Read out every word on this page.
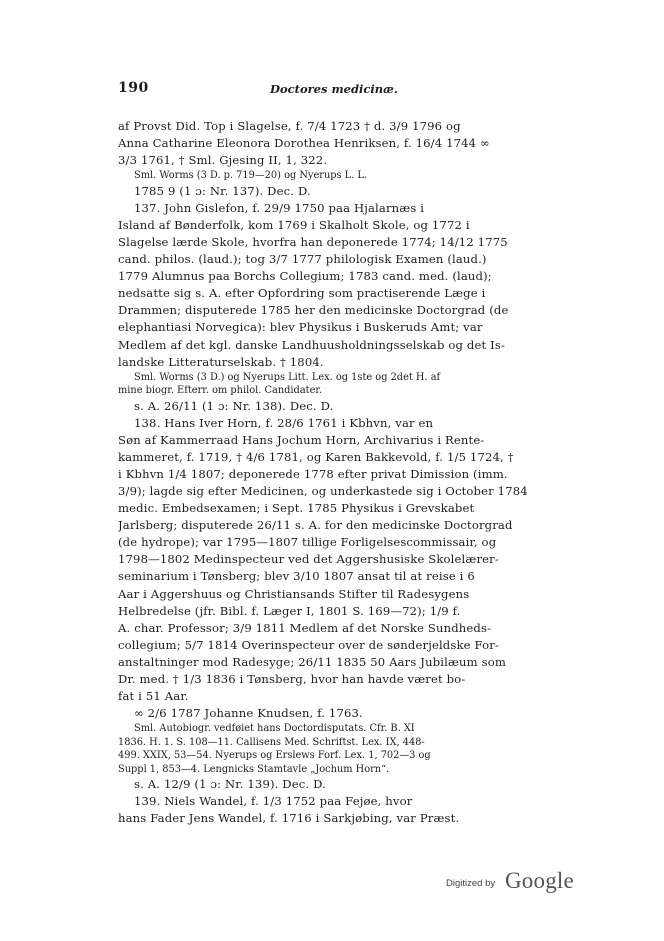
190	Doctores medicinæ.
af Provst Did. Top i Slagelse, f. 7/4 1723 † d. 3/9 1796 og
Anna Catharine Eleonora Dorothea Henriksen, f. 16/4 1744 ∞
3/3 1761, † Sml. Gjesing II, 1, 322.
Sml. Worms (3 D. p. 719—20) og Nyerups L. L.
1785 9 (1 ɔ: Nr. 137). Dec. D.
137. John Gislefon, f. 29/9 1750 paa Hjalarnæs i
Island af Bønderfolk, kom 1769 i Skalholt Skole, og 1772 i
Slagelse lærde Skole, hvorfra han deponerede 1774; 14/12 1775
cand. philos. (laud.); tog 3/7 1777 philologisk Examen (laud.)
1779 Alumnus paa Borchs Collegium; 1783 cand. med. (laud);
nedsatte sig s. A. efter Opfordring som practiserende Læge i
Drammen; disputerede 1785 her den medicinske Doctorgrad (de
elephantiasi Norvegica): blev Physikus i Buskeruds Amt; var
Medlem af det kgl. danske Landhuusholdningsselskab og det Is-
landske Litteraturselskab. † 1804.
Sml. Worms (3 D.) og Nyerups Litt. Lex. og 1ste og 2det H. af
mine biogr. Efterr. om philol. Candidater.
s. A. 26/11 (1 ɔ: Nr. 138). Dec. D.
138. Hans Iver Horn, f. 28/6 1761 i Kbhvn, var en
Søn af Kammerraad Hans Jochum Horn, Archivarius i Rente-
kammeret, f. 1719, † 4/6 1781, og Karen Bakkevold, f. 1/5 1724, †
i Kbhvn 1/4 1807; deponerede 1778 efter privat Dimission (imm.
3/9); lagde sig efter Medicinen, og underkastede sig i October 1784
medic. Embedsexamen; i Sept. 1785 Physikus i Grevskabet
Jarlsberg; disputerede 26/11 s. A. for den medicinske Doctorgrad
(de hydrope); var 1795—1807 tillige Forligelsescommissair, og
1798—1802 Medinspecteur ved det Aggershusiske Skolelærer-
seminarium i Tønsberg; blev 3/10 1807 ansat til at reise i 6
Aar i Aggershuus og Christiansands Stifter til Radesygens
Helbredelse (jfr. Bibl. f. Læger I, 1801 S. 169—72); 1/9 f.
A. char. Professor; 3/9 1811 Medlem af det Norske Sundheds-
collegium; 5/7 1814 Overinspecteur over de sønderjeldske For-
anstaltninger mod Radesyge; 26/11 1835 50 Aars Jubilæum som
Dr. med. † 1/3 1836 i Tønsberg, hvor han havde været bo-
fat i 51 Aar.
∞ 2/6 1787 Johanne Knudsen, f. 1763.
Sml. Autobiogr. vedføiet hans Doctordisputats. Cfr. B. XI
1836. H. 1. S. 108—11. Callisens Med. Schriftst. Lex. IX, 448-
499. XXIX, 53—54. Nyerups og Erslews Forf. Lex. 1, 702—3 og
Suppl 1, 853—4. Lengnicks Stamtavle „Jochum Horn“.
s. A. 12/9 (1 ɔ: Nr. 139). Dec. D.
139. Niels Wandel, f. 1/3 1752 paa Fejøe, hvor
hans Fader Jens Wandel, f. 1716 i Sarkjøbing, var Præst.
Digitized by Google
